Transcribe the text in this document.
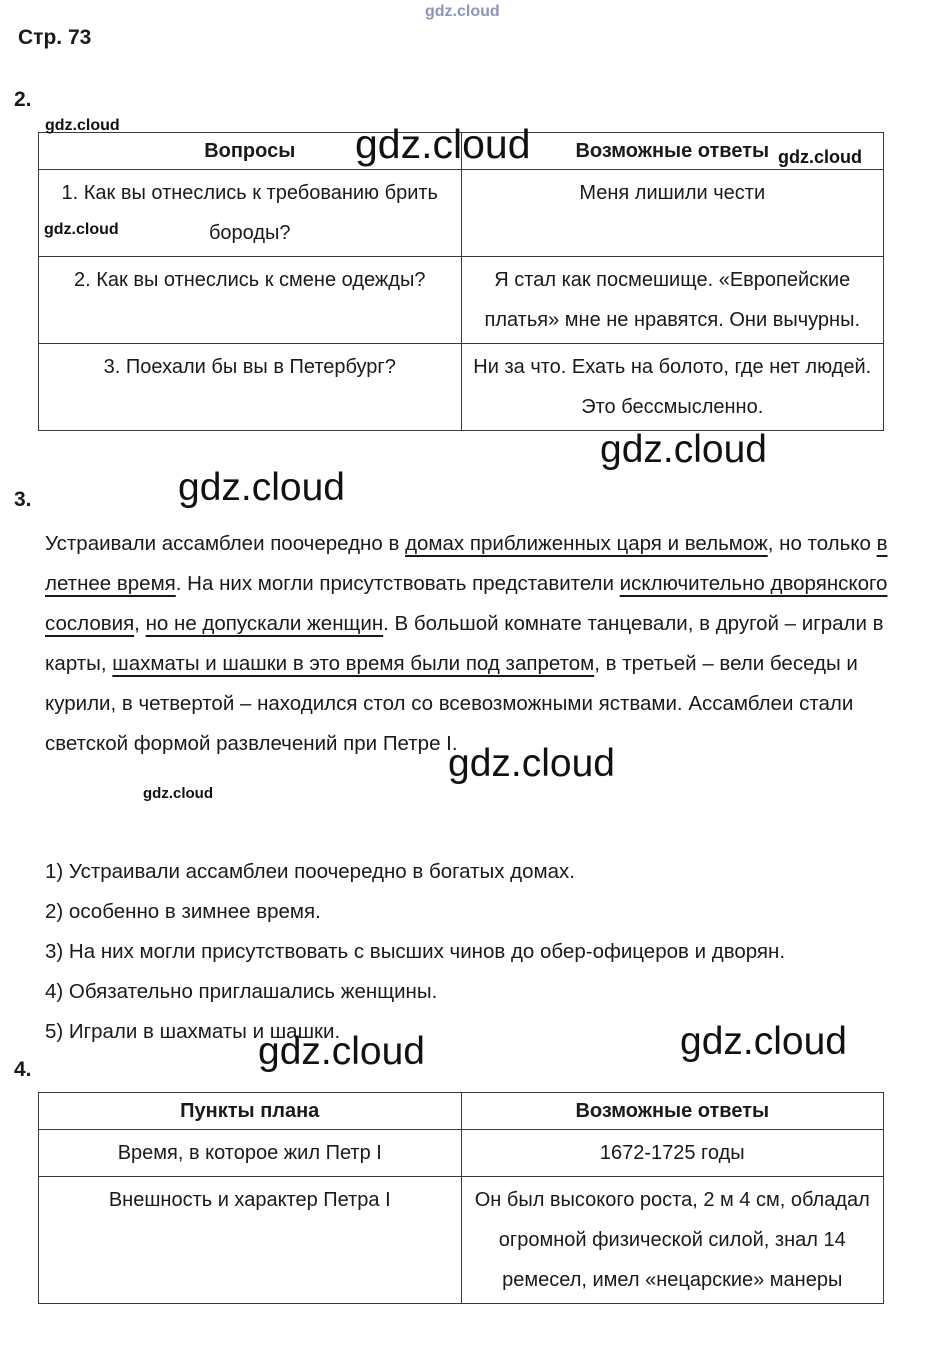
Стр. 73
2.
Вопросы	Возможные ответы
1. Как вы отнеслись к требованию брить бороды?	Меня лишили чести
2. Как вы отнеслись к смене одежды?	Я стал как посмешище. «Европейские платья» мне не нравятся. Они вычурны.
3. Поехали бы вы в Петербург?	Ни за что. Ехать на болото, где нет людей. Это бессмысленно.
3.
Устраивали ассамблеи поочередно в домах приближенных царя и вельмож, но только в летнее время. На них могли присутствовать представители исключительно дворянского сословия, но не допускали женщин. В большой комнате танцевали, в другой – играли в карты, шахматы и шашки в это время были под запретом, в третьей – вели беседы и курили, в четвертой – находился стол со всевозможными яствами. Ассамблеи стали светской формой развлечений при Петре I.
1) Устраивали ассамблеи поочередно в богатых домах.
2) особенно в зимнее время.
3) На них могли присутствовать с высших чинов до обер-офицеров и дворян.
4) Обязательно приглашались женщины.
5) Играли в шахматы и шашки.
4.
Пункты плана	Возможные ответы
Время, в которое жил Петр I	1672-1725 годы
Внешность и характер Петра I	Он был высокого роста, 2 м 4 см, обладал огромной физической силой, знал 14 ремесел, имел «нецарские» манеры
gdz.cloud
gdz.cloud	gdz.cloud	gdz.cloud
gdz.cloud
gdz.cloud
gdz.cloud
gdz.cloud
gdz.cloud
gdz.cloud	gdz.cloud
